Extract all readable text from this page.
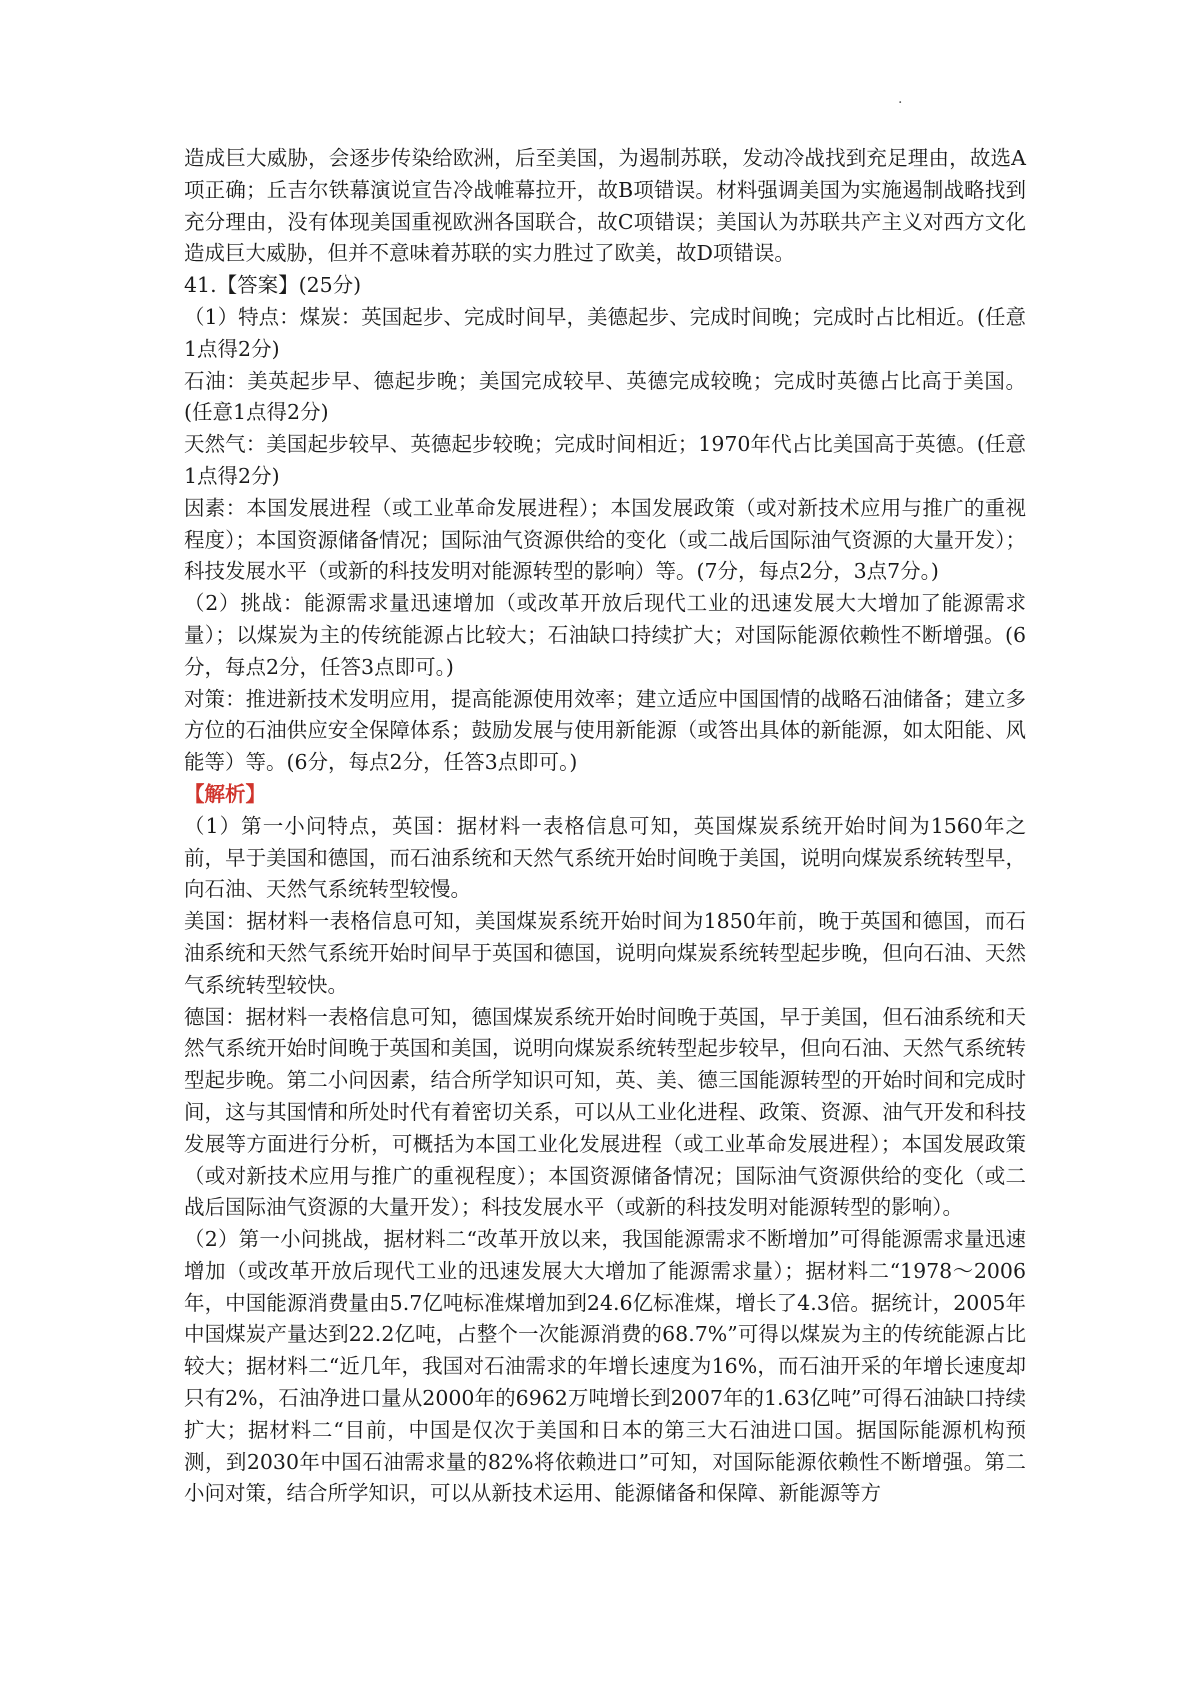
·

造成巨大威胁，会逐步传染给欧洲，后至美国，为遏制苏联，发动冷战找到充足理由，故选A项正确；丘吉尔铁幕演说宣告冷战帷幕拉开，故B项错误。材料强调美国为实施遏制战略找到充分理由，没有体现美国重视欧洲各国联合，故C项错误；美国认为苏联共产主义对西方文化造成巨大威胁，但并不意味着苏联的实力胜过了欧美，故D项错误。

41.【答案】(25分)

（1）特点：煤炭：英国起步、完成时间早，美德起步、完成时间晚；完成时占比相近。(任意1点得2分)

石油：美英起步早、德起步晚；美国完成较早、英德完成较晚；完成时英德占比高于美国。(任意1点得2分)

天然气：美国起步较早、英德起步较晚；完成时间相近；1970年代占比美国高于英德。(任意1点得2分)

因素：本国发展进程（或工业革命发展进程）；本国发展政策（或对新技术应用与推广的重视程度）；本国资源储备情况；国际油气资源供给的变化（或二战后国际油气资源的大量开发）；科技发展水平（或新的科技发明对能源转型的影响）等。(7分，每点2分，3点7分。)

（2）挑战：能源需求量迅速增加（或改革开放后现代工业的迅速发展大大增加了能源需求量）；以煤炭为主的传统能源占比较大；石油缺口持续扩大；对国际能源依赖性不断增强。(6分，每点2分，任答3点即可。)

对策：推进新技术发明应用，提高能源使用效率；建立适应中国国情的战略石油储备；建立多方位的石油供应安全保障体系；鼓励发展与使用新能源（或答出具体的新能源，如太阳能、风能等）等。(6分，每点2分，任答3点即可。)

【解析】

（1）第一小问特点，英国：据材料一表格信息可知，英国煤炭系统开始时间为1560年之前，早于美国和德国，而石油系统和天然气系统开始时间晚于美国，说明向煤炭系统转型早，向石油、天然气系统转型较慢。

美国：据材料一表格信息可知，美国煤炭系统开始时间为1850年前，晚于英国和德国，而石油系统和天然气系统开始时间早于英国和德国，说明向煤炭系统转型起步晚，但向石油、天然气系统转型较快。

德国：据材料一表格信息可知，德国煤炭系统开始时间晚于英国，早于美国，但石油系统和天然气系统开始时间晚于英国和美国，说明向煤炭系统转型起步较早，但向石油、天然气系统转型起步晚。第二小问因素，结合所学知识可知，英、美、德三国能源转型的开始时间和完成时间，这与其国情和所处时代有着密切关系，可以从工业化进程、政策、资源、油气开发和科技发展等方面进行分析，可概括为本国工业化发展进程（或工业革命发展进程）；本国发展政策（或对新技术应用与推广的重视程度）；本国资源储备情况；国际油气资源供给的变化（或二战后国际油气资源的大量开发）；科技发展水平（或新的科技发明对能源转型的影响）。

（2）第一小问挑战，据材料二“改革开放以来，我国能源需求不断增加”可得能源需求量迅速增加（或改革开放后现代工业的迅速发展大大增加了能源需求量）；据材料二“1978～2006年，中国能源消费量由5.7亿吨标准煤增加到24.6亿标准煤，增长了4.3倍。据统计，2005年中国煤炭产量达到22.2亿吨，占整个一次能源消费的68.7%”可得以煤炭为主的传统能源占比较大；据材料二“近几年，我国对石油需求的年增长速度为16%，而石油开采的年增长速度却只有2%，石油净进口量从2000年的6962万吨增长到2007年的1.63亿吨”可得石油缺口持续扩大；据材料二“目前，中国是仅次于美国和日本的第三大石油进口国。据国际能源机构预测，到2030年中国石油需求量的82%将依赖进口”可知，对国际能源依赖性不断增强。第二小问对策，结合所学知识，可以从新技术运用、能源储备和保障、新能源等方
